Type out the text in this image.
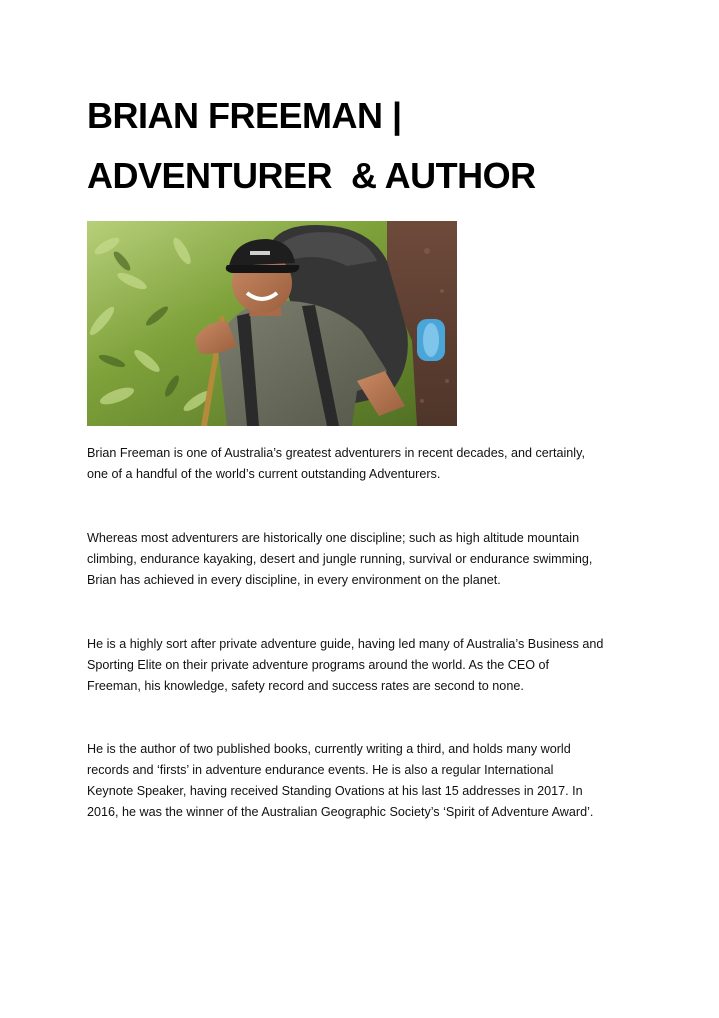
BRIAN FREEMAN |
ADVENTURER  & AUTHOR

Brian Freeman is one of Australia’s greatest adventurers in recent decades, and certainly,
one of a handful of the world’s current outstanding Adventurers.

Whereas most adventurers are historically one discipline; such as high altitude mountain
climbing, endurance kayaking, desert and jungle running, survival or endurance swimming,
Brian has achieved in every discipline, in every environment on the planet.

He is a highly sort after private adventure guide, having led many of Australia’s Business and
Sporting Elite on their private adventure programs around the world. As the CEO of
Freeman, his knowledge, safety record and success rates are second to none.

He is the author of two published books, currently writing a third, and holds many world
records and ‘firsts’ in adventure endurance events. He is also a regular International
Keynote Speaker, having received Standing Ovations at his last 15 addresses in 2017. In
2016, he was the winner of the Australian Geographic Society’s ‘Spirit of Adventure Award’.
